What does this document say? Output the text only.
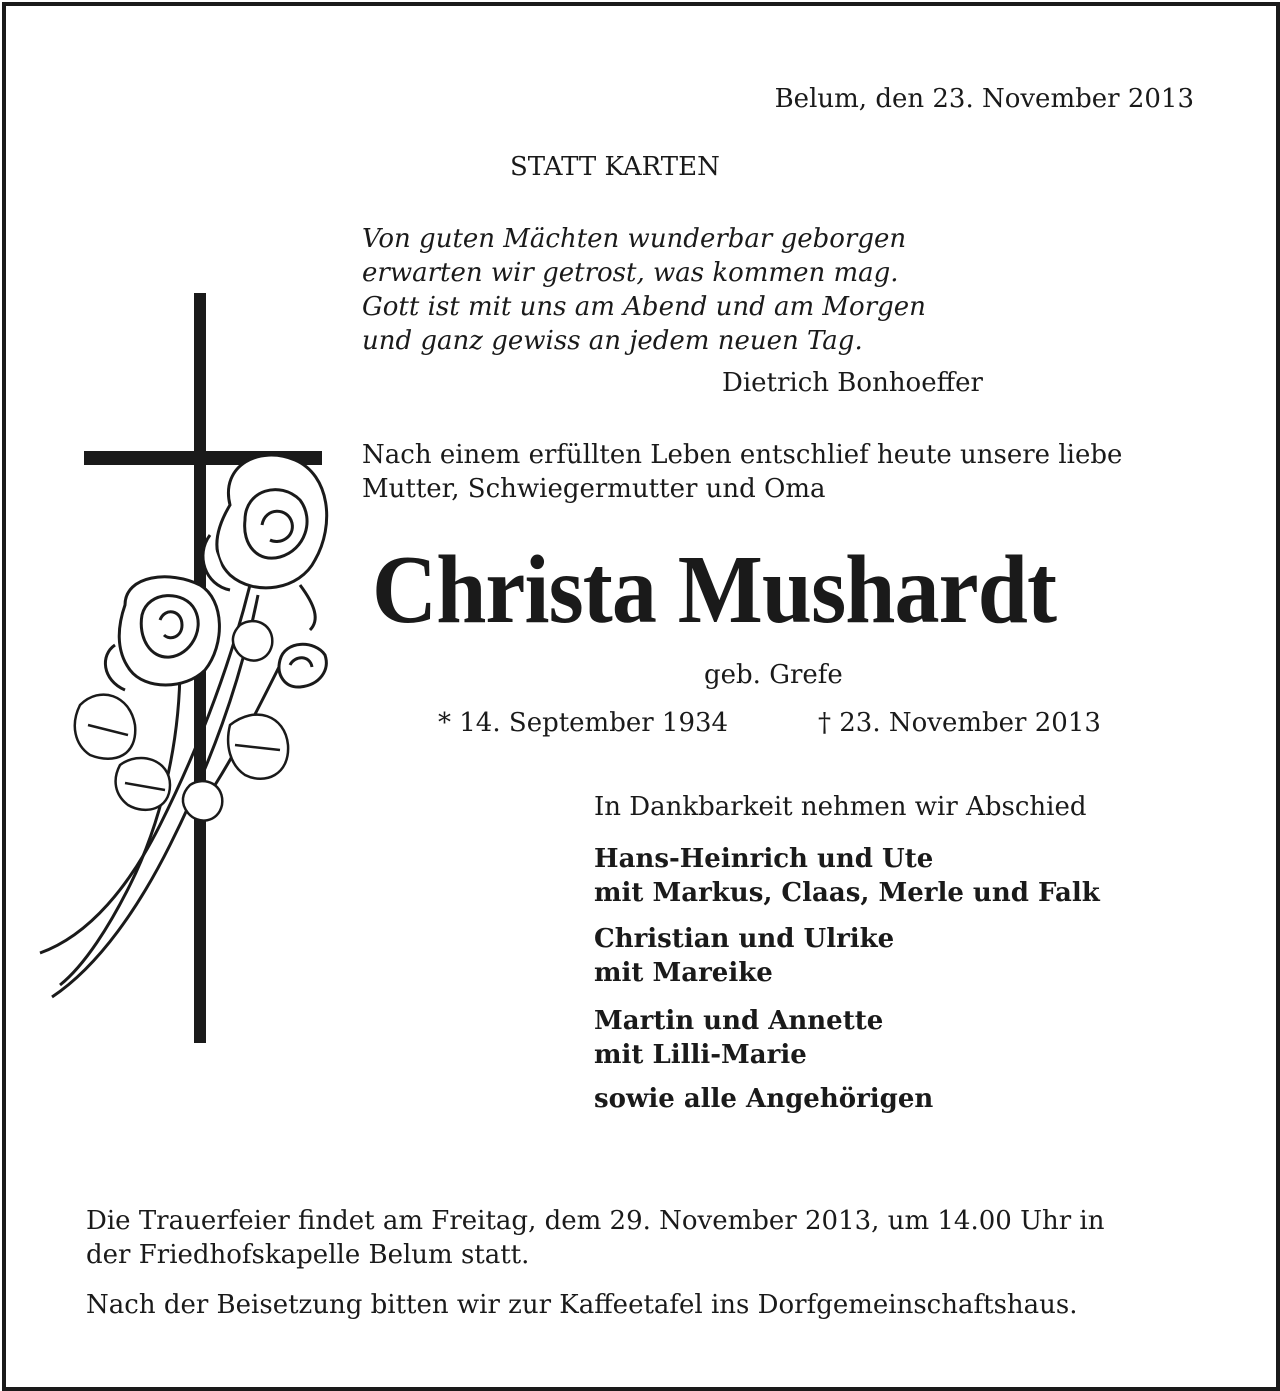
Belum, den 23. November 2013
STATT KARTEN
Von guten Mächten wunderbar geborgen
erwarten wir getrost, was kommen mag.
Gott ist mit uns am Abend und am Morgen
und ganz gewiss an jedem neuen Tag.
Dietrich Bonhoeffer
Nach einem erfüllten Leben entschlief heute unsere liebe
Mutter, Schwiegermutter und Oma
Christa Mushardt
geb. Grefe
* 14. September 1934	† 23. November 2013
In Dankbarkeit nehmen wir Abschied
Hans-Heinrich und Ute
mit Markus, Claas, Merle und Falk
Christian und Ulrike
mit Mareike
Martin und Annette
mit Lilli-Marie
sowie alle Angehörigen
Die Trauerfeier findet am Freitag, dem 29. November 2013, um 14.00 Uhr in
der Friedhofskapelle Belum statt.
Nach der Beisetzung bitten wir zur Kaffeetafel ins Dorfgemeinschaftshaus.
